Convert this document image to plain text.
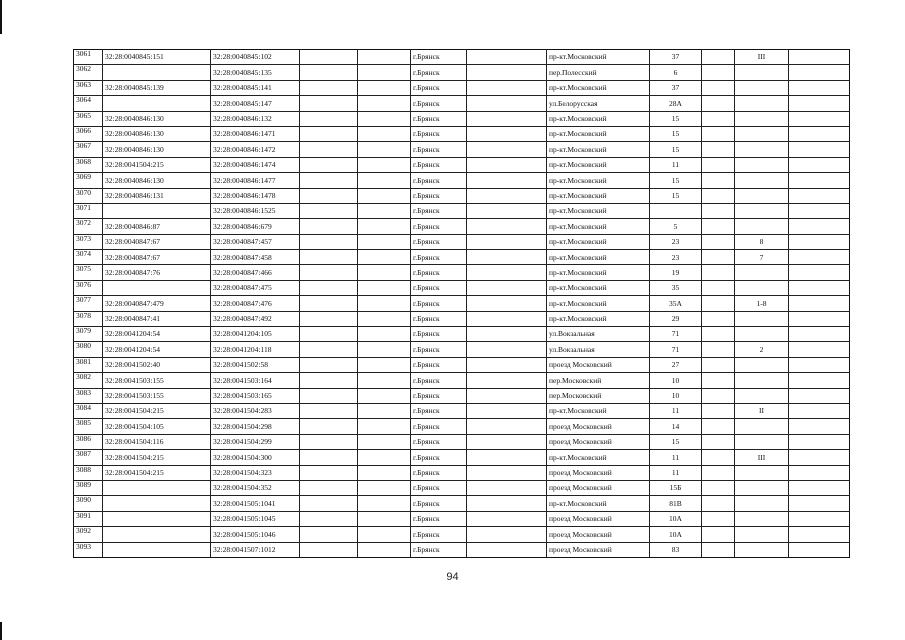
3061	32:28:0040845:151	32:28:0040845:102			г.Брянск		пр-кт.Московский	37		III	
3062		32:28:0040845:135			г.Брянск		пер.Полесский	6			
3063	32:28:0040845:139	32:28:0040845:141			г.Брянск		пр-кт.Московский	37			
3064		32:28:0040845:147			г.Брянск		ул.Белорусская	28А			
3065	32:28:0040846:130	32:28:0040846:132			г.Брянск		пр-кт.Московский	15			
3066	32:28:0040846:130	32:28:0040846:1471			г.Брянск		пр-кт.Московский	15			
3067	32:28:0040846:130	32:28:0040846:1472			г.Брянск		пр-кт.Московский	15			
3068	32:28:0041504:215	32:28:0040846:1474			г.Брянск		пр-кт.Московский	11			
3069	32:28:0040846:130	32:28:0040846:1477			г.Брянск		пр-кт.Московский	15			
3070	32:28:0040846:131	32:28:0040846:1478			г.Брянск		пр-кт.Московский	15			
3071		32:28:0040846:1525			г.Брянск		пр-кт.Московский				
3072	32:28:0040846:87	32:28:0040846:679			г.Брянск		пр-кт.Московский	5			
3073	32:28:0040847:67	32:28:0040847:457			г.Брянск		пр-кт.Московский	23		8	
3074	32:28:0040847:67	32:28:0040847:458			г.Брянск		пр-кт.Московский	23		7	
3075	32:28:0040847:76	32:28:0040847:466			г.Брянск		пр-кт.Московский	19			
3076		32:28:0040847:475			г.Брянск		пр-кт.Московский	35			
3077	32:28:0040847:479	32:28:0040847:476			г.Брянск		пр-кт.Московский	35А		1-8	
3078	32:28:0040847:41	32:28:0040847:492			г.Брянск		пр-кт.Московский	29			
3079	32:28:0041204:54	32:28:0041204:105			г.Брянск		ул.Вокзальная	71			
3080	32:28:0041204:54	32:28:0041204:118			г.Брянск		ул.Вокзальная	71		2	
3081	32:28:0041502:40	32:28:0041502:58			г.Брянск		проезд Московский	27			
3082	32:28:0041503:155	32:28:0041503:164			г.Брянск		пер.Московский	10			
3083	32:28:0041503:155	32:28:0041503:165			г.Брянск		пер.Московский	10			
3084	32:28:0041504:215	32:28:0041504:283			г.Брянск		пр-кт.Московский	11		II	
3085	32:28:0041504:105	32:28:0041504:298			г.Брянск		проезд Московский	14			
3086	32:28:0041504:116	32:28:0041504:299			г.Брянск		проезд Московский	15			
3087	32:28:0041504:215	32:28:0041504:300			г.Брянск		пр-кт.Московский	11		III	
3088	32:28:0041504:215	32:28:0041504:323			г.Брянск		проезд Московский	11			
3089		32:28:0041504:352			г.Брянск		проезд Московский	15Б			
3090		32:28:0041505:1041			г.Брянск		пр-кт.Московский	81В			
3091		32:28:0041505:1045			г.Брянск		проезд Московский	10А			
3092		32:28:0041505:1046			г.Брянск		проезд Московский	10А			
3093		32:28:0041507:1012			г.Брянск		проезд Московский	83			
94
